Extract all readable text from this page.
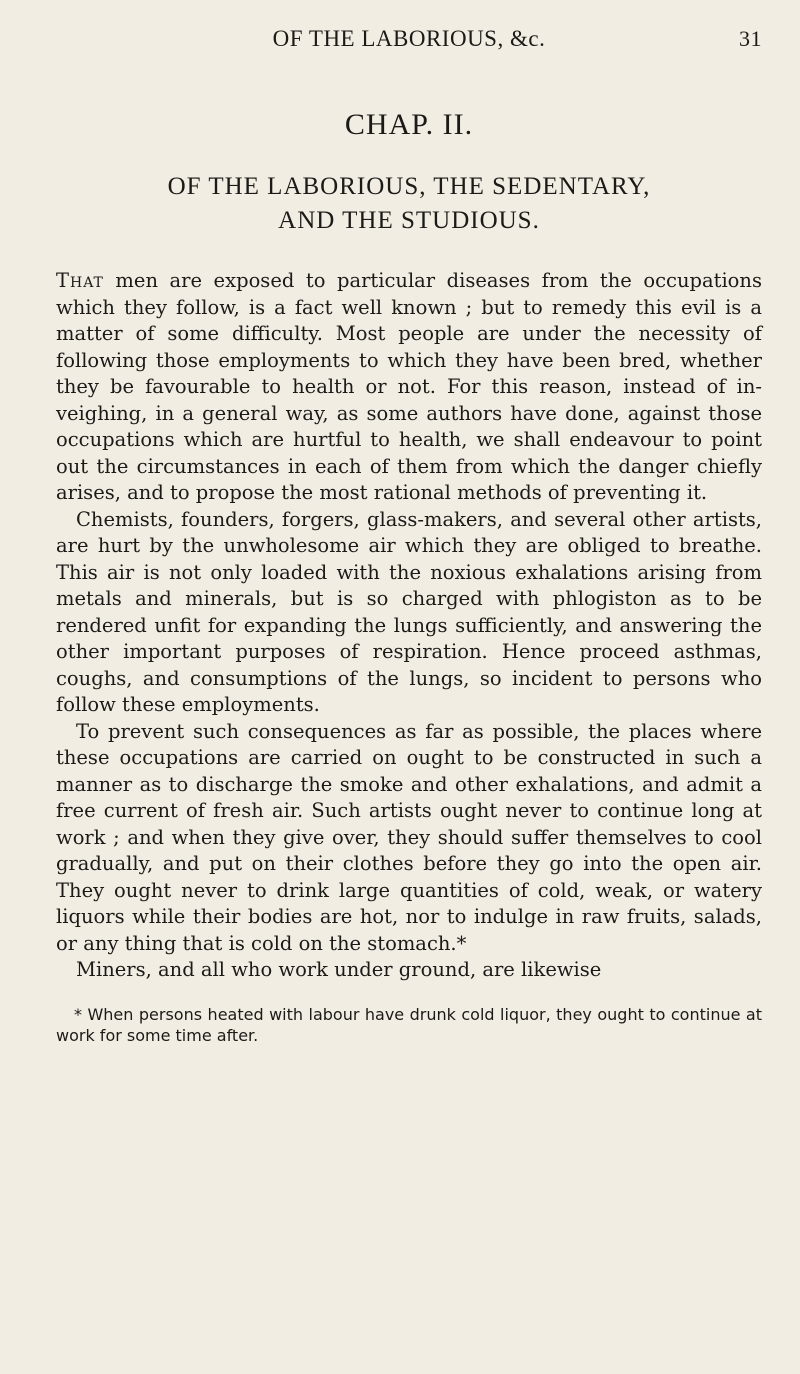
OF THE LABORIOUS, &c.	31
CHAP. II.
OF THE LABORIOUS, THE SEDENTARY,
AND THE STUDIOUS.

That men are exposed to particular diseases from the occupations which they follow, is a fact well known ; but to remedy this evil is a matter of some difficulty. Most people are under the necessity of following those employments to which they have been bred, whether they be favourable to health or not. For this reason, instead of inveighing, in a general way, as some authors have done, against those occupations which are hurtful to health, we shall endeavour to point out the circumstances in each of them from which the danger chiefly arises, and to propose the most rational methods of preventing it.

Chemists, founders, forgers, glass-makers, and several other artists, are hurt by the unwholesome air which they are obliged to breathe. This air is not only loaded with the noxious exhalations arising from metals and minerals, but is so charged with phlogiston as to be rendered unfit for expanding the lungs sufficiently, and answering the other important purposes of respiration. Hence proceed asthmas, coughs, and consumptions of the lungs, so incident to persons who follow these employments.

To prevent such consequences as far as possible, the places where these occupations are carried on ought to be constructed in such a manner as to discharge the smoke and other exhalations, and admit a free current of fresh air. Such artists ought never to continue long at work ; and when they give over, they should suffer themselves to cool gradually, and put on their clothes before they go into the open air. They ought never to drink large quantities of cold, weak, or watery liquors while their bodies are hot, nor to indulge in raw fruits, salads, or any thing that is cold on the stomach.*

Miners, and all who work under ground, are likewise

* When persons heated with labour have drunk cold liquor, they ought to continue at work for some time after.
